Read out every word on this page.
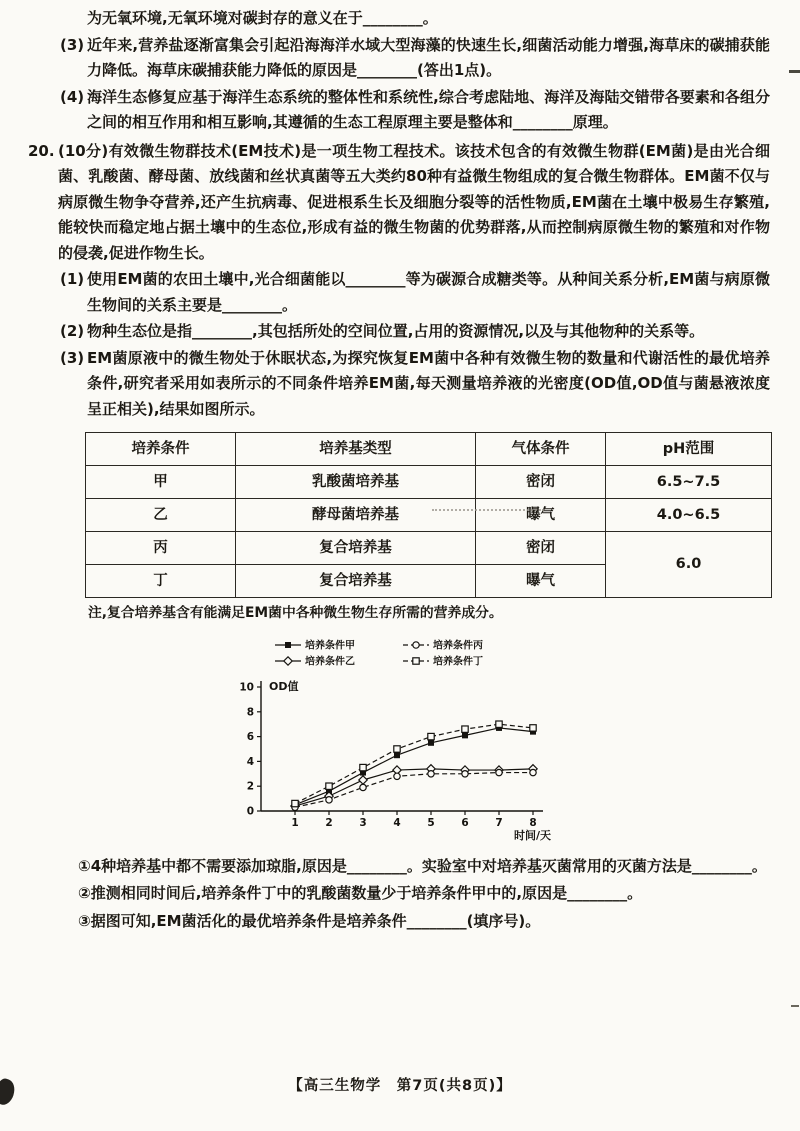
为无氧环境,无氧环境对碳封存的意义在于________。
(3) 近年来,营养盐逐渐富集会引起沿海海洋水域大型海藻的快速生长,细菌活动能力增强,海草床的碳捕获能力降低。海草床碳捕获能力降低的原因是________(答出1点)。
(4) 海洋生态修复应基于海洋生态系统的整体性和系统性,综合考虑陆地、海洋及海陆交错带各要素和各组分之间的相互作用和相互影响,其遵循的生态工程原理主要是整体和________原理。
20. (10分)有效微生物群技术(EM技术)是一项生物工程技术。该技术包含的有效微生物群(EM菌)是由光合细菌、乳酸菌、酵母菌、放线菌和丝状真菌等五大类约80种有益微生物组成的复合微生物群体。EM菌不仅与病原微生物争夺营养,还产生抗病毒、促进根系生长及细胞分裂等的活性物质,EM菌在土壤中极易生存繁殖,能较快而稳定地占据土壤中的生态位,形成有益的微生物菌的优势群落,从而控制病原微生物的繁殖和对作物的侵袭,促进作物生长。
(1) 使用EM菌的农田土壤中,光合细菌能以________等为碳源合成糖类等。从种间关系分析,EM菌与病原微生物间的关系主要是________。
(2) 物种生态位是指________,其包括所处的空间位置,占用的资源情况,以及与其他物种的关系等。
(3) EM菌原液中的微生物处于休眠状态,为探究恢复EM菌中各种有效微生物的数量和代谢活性的最优培养条件,研究者采用如表所示的不同条件培养EM菌,每天测量培养液的光密度(OD值,OD值与菌悬液浓度呈正相关),结果如图所示。
培养条件	培养基类型	气体条件	pH范围
甲	乳酸菌培养基	密闭	6.5~7.5
乙	酵母菌培养基	曝气	4.0~6.5
丙	复合培养基	密闭	6.0
丁	复合培养基	曝气	
注,复合培养基含有能满足EM菌中各种微生物生存所需的营养成分。
0
2
4
6
8
10
1	2	3	4	5	6	7	8
OD值
时间/天
培养条件甲
培养条件乙
培养条件丙
培养条件丁
①4种培养基中都不需要添加琼脂,原因是________。实验室中对培养基灭菌常用的灭菌方法是________。
②推测相同时间后,培养条件丁中的乳酸菌数量少于培养条件甲中的,原因是________。
③据图可知,EM菌活化的最优培养条件是培养条件________(填序号)。
【高三生物学　第7页(共8页)】
